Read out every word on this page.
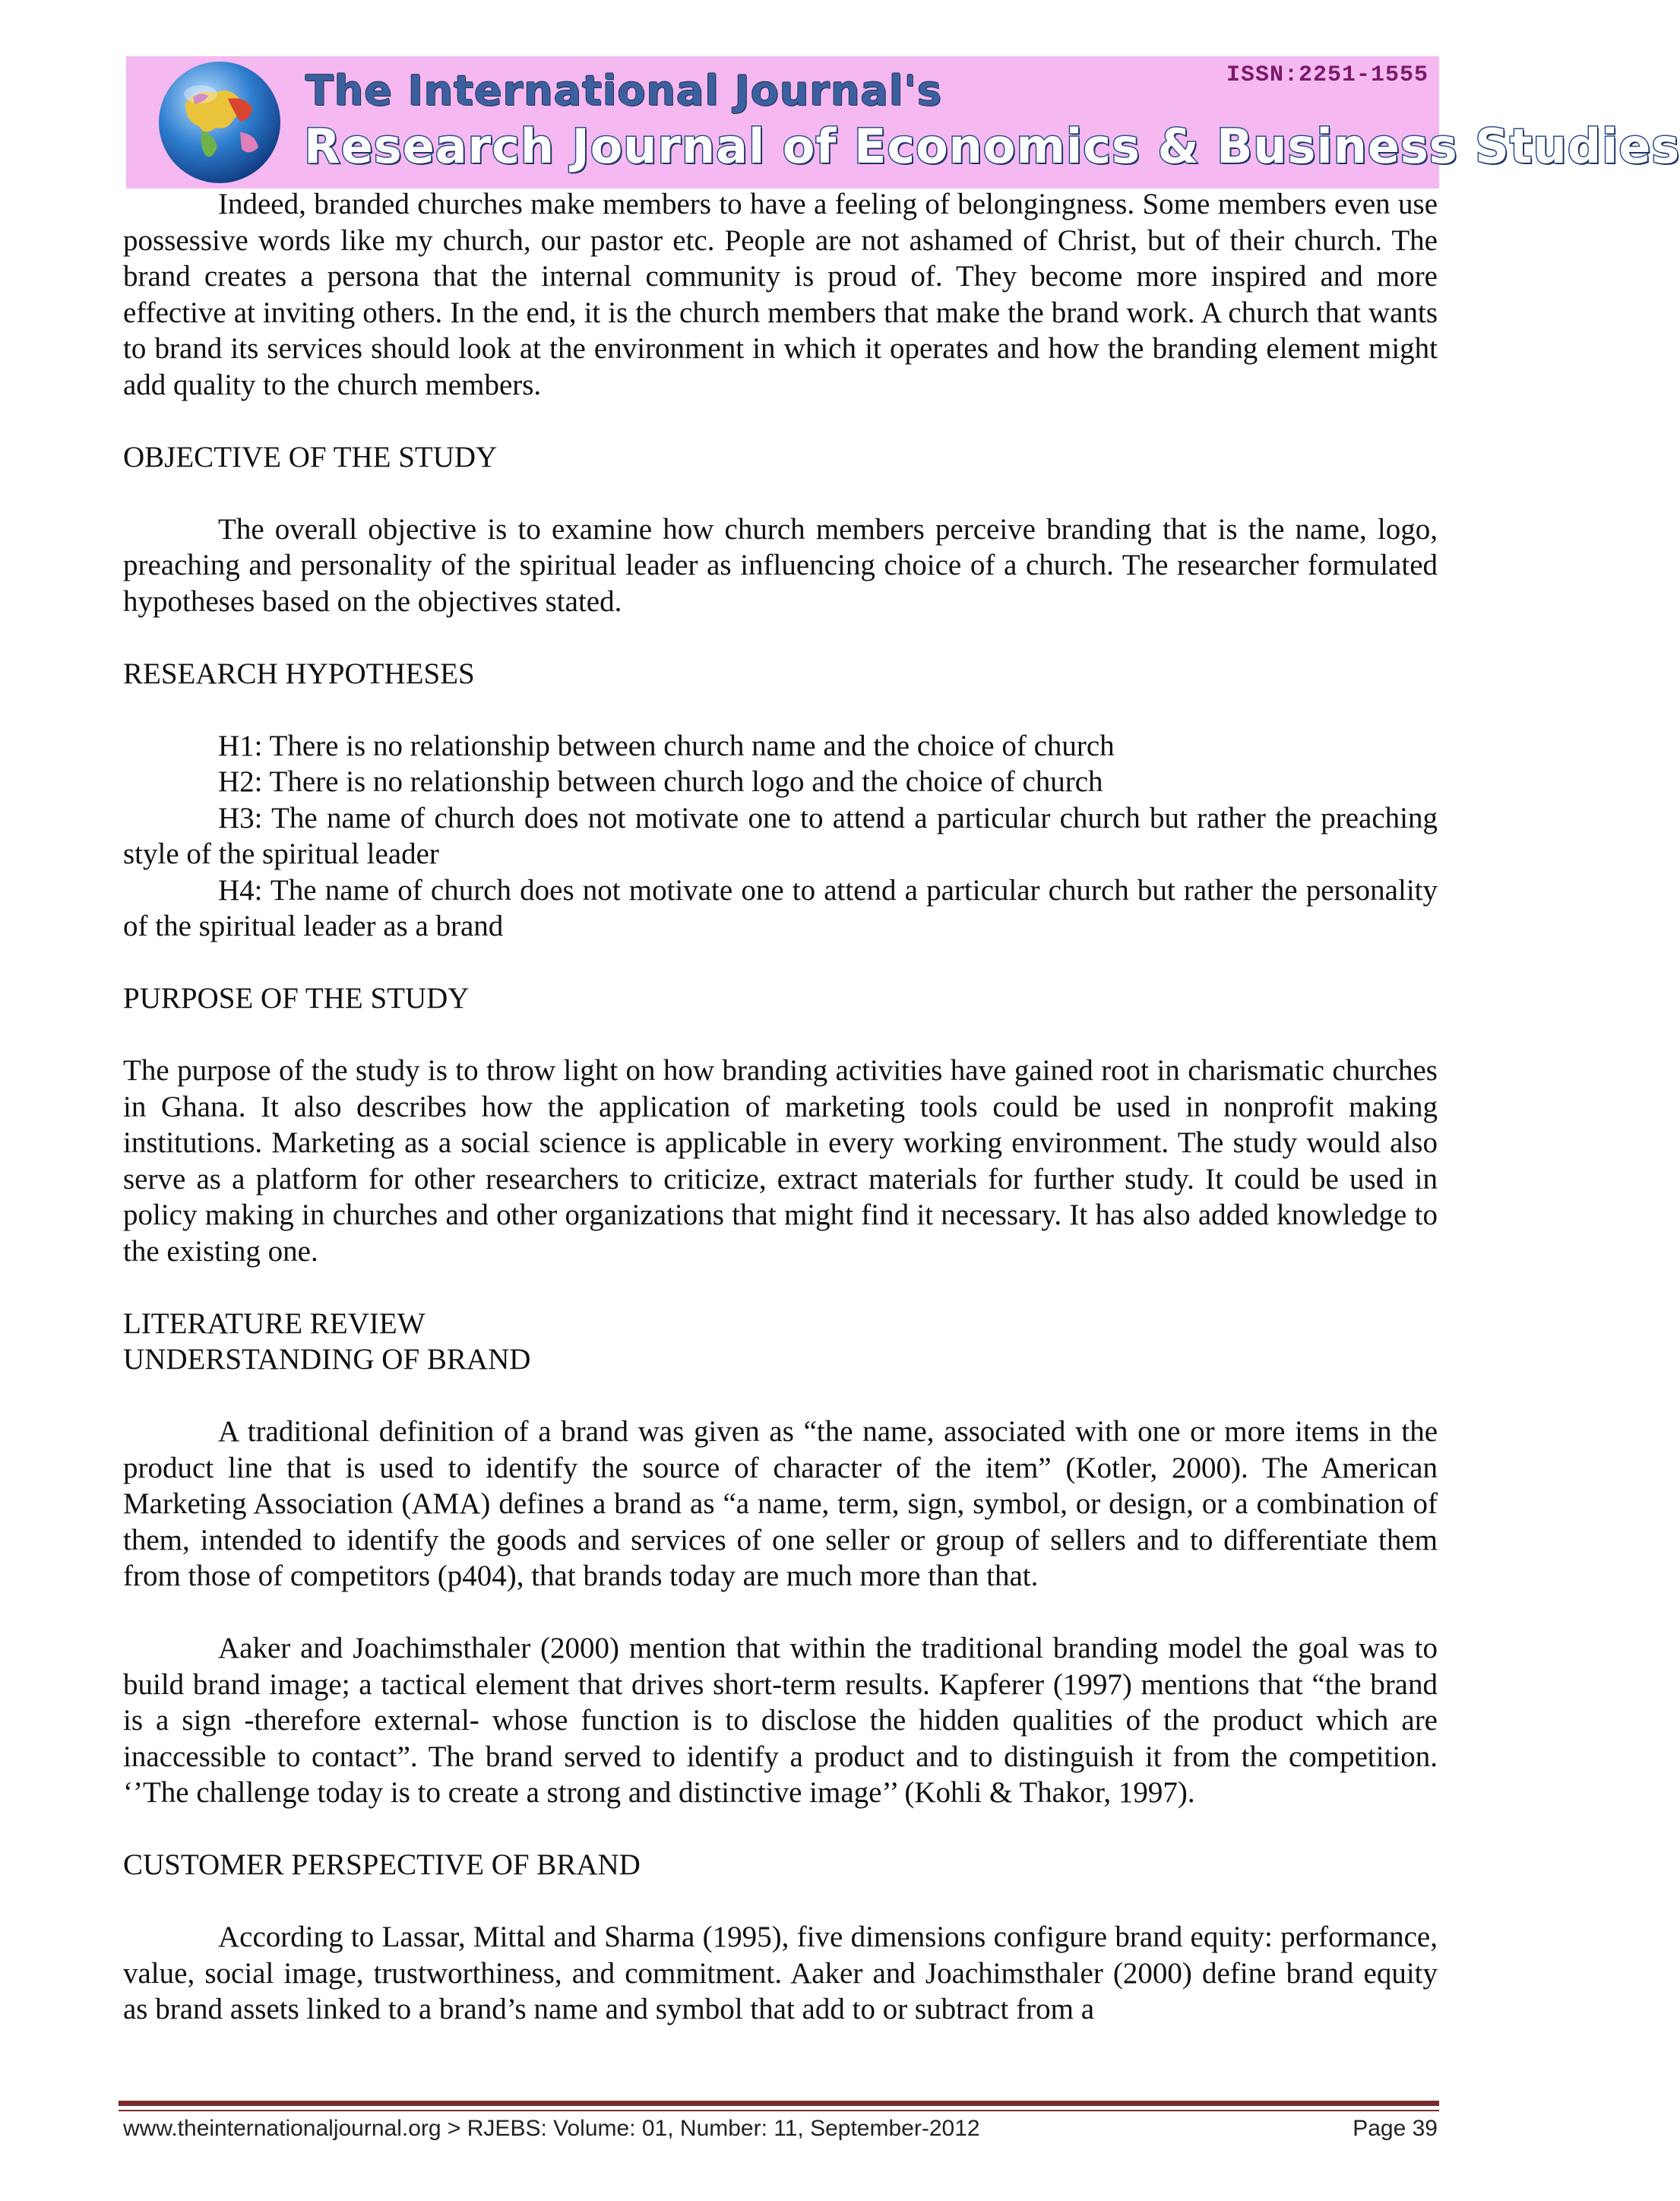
ISSN:2251-1555
The International Journal's
Research Journal of Economics & Business Studies

Indeed, branded churches make members to have a feeling of belongingness. Some members even use possessive words like my church, our pastor etc. People are not ashamed of Christ, but of their church. The brand creates a persona that the internal community is proud of. They become more inspired and more effective at inviting others. In the end, it is the church members that make the brand work. A church that wants to brand its services should look at the environment in which it operates and how the branding element might add quality to the church members.

OBJECTIVE OF THE STUDY

The overall objective is to examine how church members perceive branding that is the name, logo, preaching and personality of the spiritual leader as influencing choice of a church. The researcher formulated hypotheses based on the objectives stated.

RESEARCH HYPOTHESES

H1: There is no relationship between church name and the choice of church

H2: There is no relationship between church logo and the choice of church

H3: The name of church does not motivate one to attend a particular church but rather the preaching style of the spiritual leader

H4: The name of church does not motivate one to attend a particular church but rather the personality of the spiritual leader as a brand

PURPOSE OF THE STUDY

The purpose of the study is to throw light on how branding activities have gained root in charismatic churches in Ghana. It also describes how the application of marketing tools could be used in nonprofit making institutions. Marketing as a social science is applicable in every working environment. The study would also serve as a platform for other researchers to criticize, extract materials for further study. It could be used in policy making in churches and other organizations that might find it necessary. It has also added knowledge to the existing one.

LITERATURE REVIEW

UNDERSTANDING OF BRAND

A traditional definition of a brand was given as “the name, associated with one or more items in the product line that is used to identify the source of character of the item” (Kotler, 2000). The American Marketing Association (AMA) defines a brand as “a name, term, sign, symbol, or design, or a combination of them, intended to identify the goods and services of one seller or group of sellers and to differentiate them from those of competitors (p404), that brands today are much more than that.

Aaker and Joachimsthaler (2000) mention that within the traditional branding model the goal was to build brand image; a tactical element that drives short-term results. Kapferer (1997) mentions that “the brand is a sign -therefore external- whose function is to disclose the hidden qualities of the product which are inaccessible to contact”. The brand served to identify a product and to distinguish it from the competition. ‘’The challenge today is to create a strong and distinctive image’’ (Kohli & Thakor, 1997).

CUSTOMER PERSPECTIVE OF BRAND

According to Lassar, Mittal and Sharma (1995), five dimensions configure brand equity: performance, value, social image, trustworthiness, and commitment. Aaker and Joachimsthaler (2000) define brand equity as brand assets linked to a brand’s name and symbol that add to or subtract from a

www.theinternationaljournal.org > RJEBS: Volume: 01, Number: 11, September-2012	Page 39
